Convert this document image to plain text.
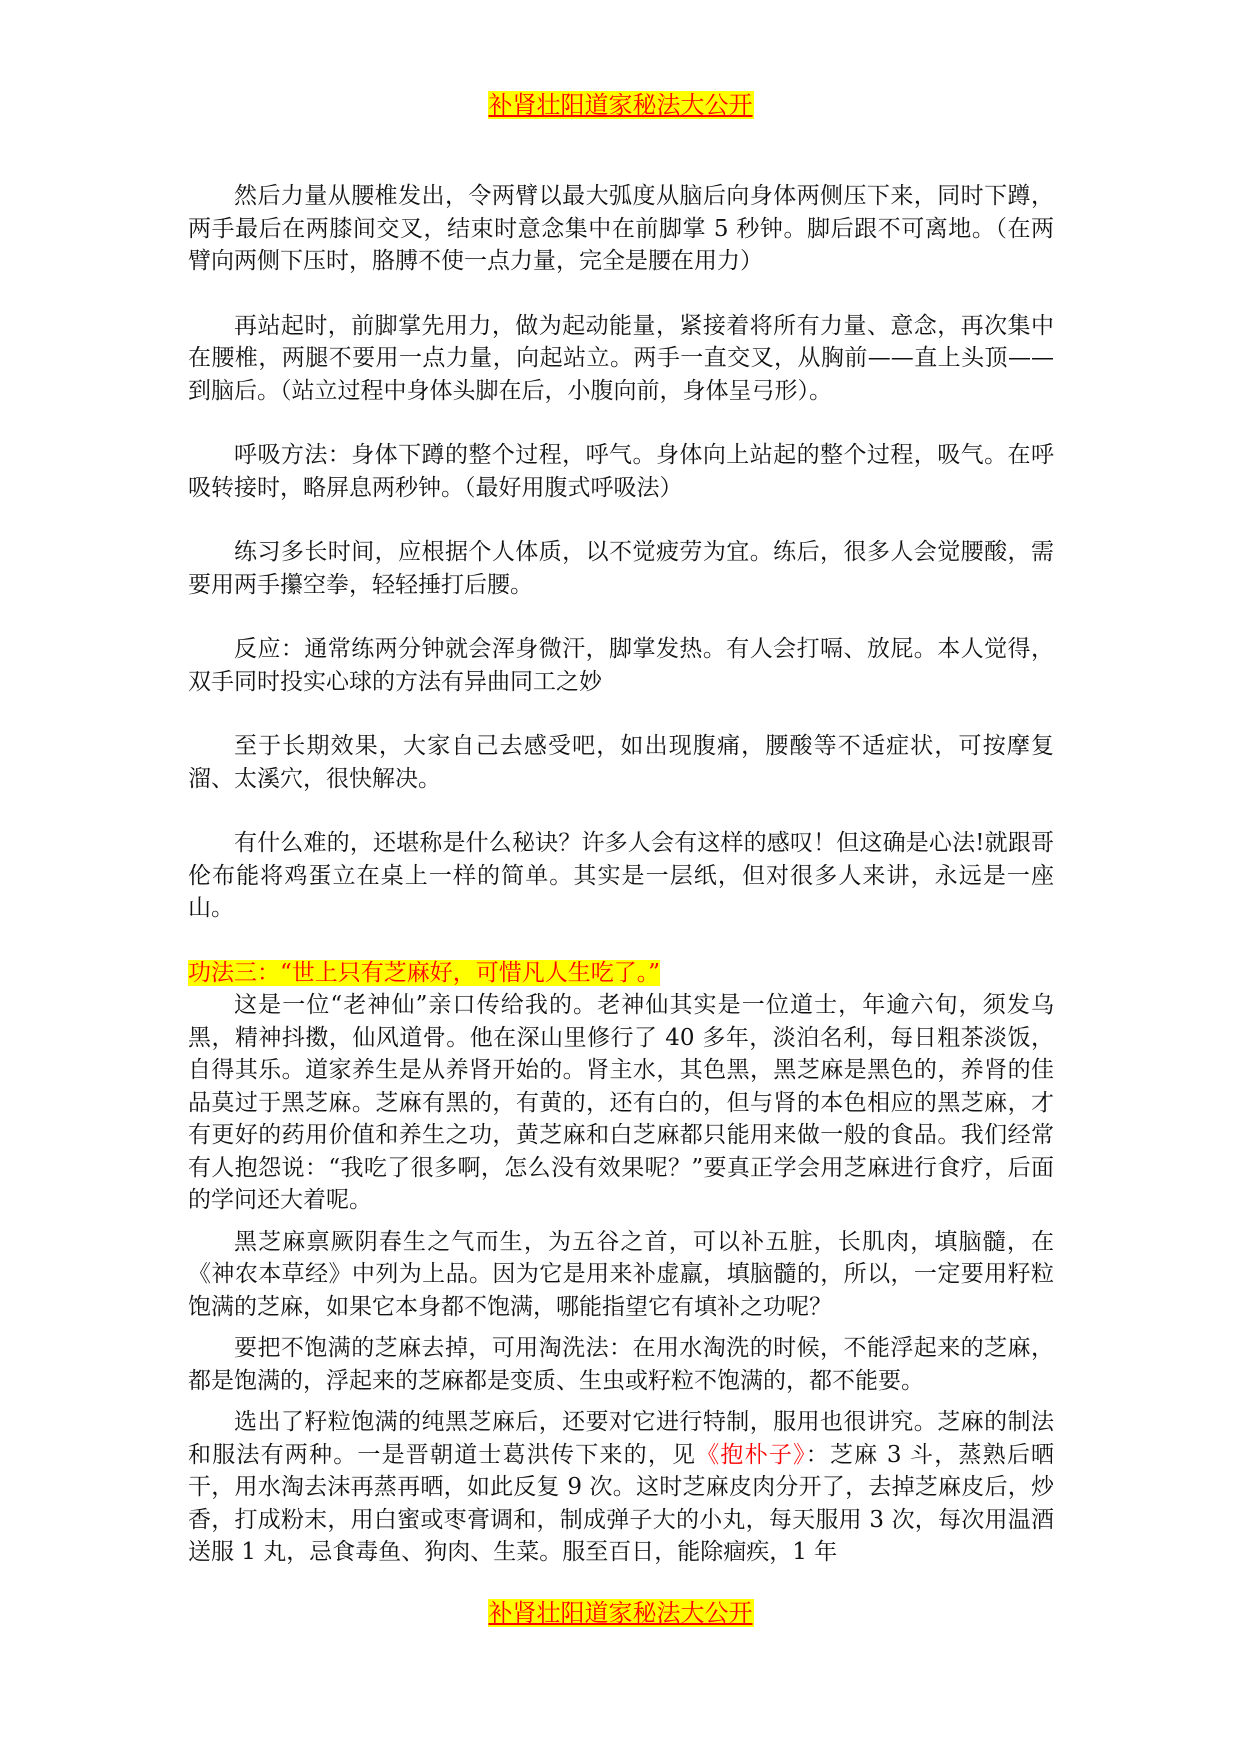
补肾壮阳道家秘法大公开

然后力量从腰椎发出，令两臂以最大弧度从脑后向身体两侧压下来，同时下蹲，两手最后在两膝间交叉，结束时意念集中在前脚掌 5 秒钟。脚后跟不可离地。（在两臂向两侧下压时，胳膊不使一点力量，完全是腰在用力）

再站起时，前脚掌先用力，做为起动能量，紧接着将所有力量、意念，再次集中在腰椎，两腿不要用一点力量，向起站立。两手一直交叉，从胸前——直上头顶——到脑后。（站立过程中身体头脚在后，小腹向前，身体呈弓形）。

呼吸方法：身体下蹲的整个过程，呼气。身体向上站起的整个过程，吸气。在呼吸转接时，略屏息两秒钟。（最好用腹式呼吸法）

练习多长时间，应根据个人体质，以不觉疲劳为宜。练后，很多人会觉腰酸，需要用两手攥空拳，轻轻捶打后腰。

反应：通常练两分钟就会浑身微汗，脚掌发热。有人会打嗝、放屁。本人觉得，双手同时投实心球的方法有异曲同工之妙

至于长期效果，大家自己去感受吧，如出现腹痛，腰酸等不适症状，可按摩复溜、太溪穴，很快解决。

有什么难的，还堪称是什么秘诀？许多人会有这样的感叹！但这确是心法!就跟哥伦布能将鸡蛋立在桌上一样的简单。其实是一层纸，但对很多人来讲，永远是一座山。

功法三：“世上只有芝麻好，可惜凡人生吃了。”

这是一位“老神仙”亲口传给我的。老神仙其实是一位道士，年逾六旬，须发乌黑，精神抖擞，仙风道骨。他在深山里修行了 40 多年，淡泊名利，每日粗茶淡饭，自得其乐。道家养生是从养肾开始的。肾主水，其色黑，黑芝麻是黑色的，养肾的佳品莫过于黑芝麻。芝麻有黑的，有黄的，还有白的，但与肾的本色相应的黑芝麻，才有更好的药用价值和养生之功，黄芝麻和白芝麻都只能用来做一般的食品。我们经常有人抱怨说：“我吃了很多啊，怎么没有效果呢？”要真正学会用芝麻进行食疗，后面的学问还大着呢。

黑芝麻禀厥阴春生之气而生，为五谷之首，可以补五脏，长肌肉，填脑髓，在《神农本草经》中列为上品。因为它是用来补虚羸，填脑髓的，所以，一定要用籽粒饱满的芝麻，如果它本身都不饱满，哪能指望它有填补之功呢？

要把不饱满的芝麻去掉，可用淘洗法：在用水淘洗的时候，不能浮起来的芝麻，都是饱满的，浮起来的芝麻都是变质、生虫或籽粒不饱满的，都不能要。

选出了籽粒饱满的纯黑芝麻后，还要对它进行特制，服用也很讲究。芝麻的制法和服法有两种。一是晋朝道士葛洪传下来的，见《抱朴子》：芝麻 3 斗，蒸熟后晒干，用水淘去沫再蒸再晒，如此反复 9 次。这时芝麻皮肉分开了，去掉芝麻皮后，炒香，打成粉末，用白蜜或枣膏调和，制成弹子大的小丸，每天服用 3 次，每次用温酒送服 1 丸，忌食毒鱼、狗肉、生菜。服至百日，能除痼疾，1 年

补肾壮阳道家秘法大公开
